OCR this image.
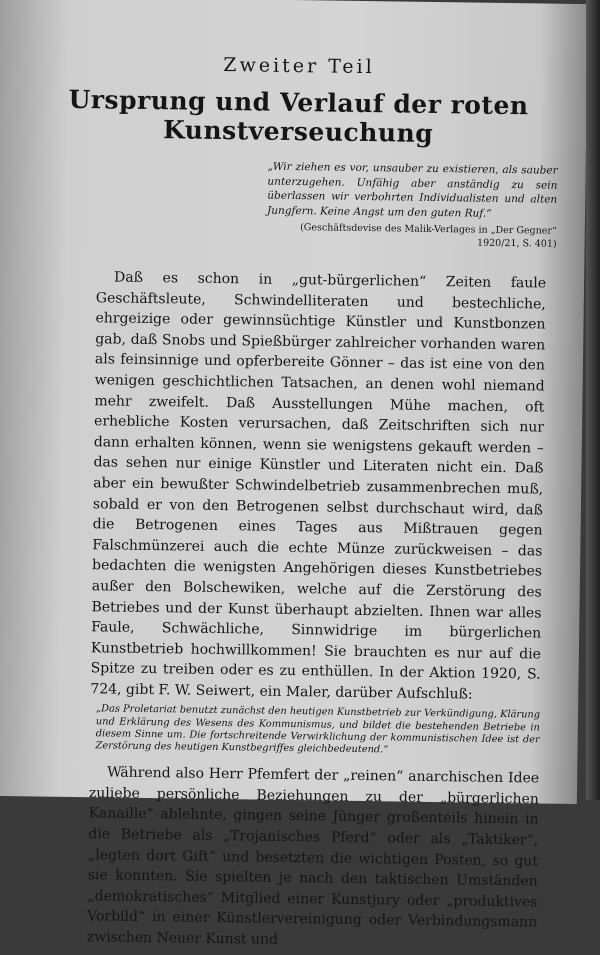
Zweiter Teil
Ursprung und Verlauf der roten Kunstverseuchung

„Wir ziehen es vor, unsauber zu existieren, als sauber unterzugehen. Unfähig aber anständig zu sein überlassen wir verbohrten Individualisten und alten Jungfern. Keine Angst um den guten Ruf.“

(Geschäftsdevise des Malik-Verlages in „Der Gegner“
1920/21, S. 401)

Daß es schon in „gut-bürgerlichen“ Zeiten faule Geschäftsleute, Schwindelliteraten und bestechliche, ehrgeizige oder gewinnsüchtige Künstler und Kunstbonzen gab, daß Snobs und Spießbürger zahlreicher vorhanden waren als feinsinnige und opferbereite Gönner – das ist eine von den wenigen geschichtlichen Tatsachen, an denen wohl niemand mehr zweifelt. Daß Ausstellungen Mühe machen, oft erhebliche Kosten verursachen, daß Zeitschriften sich nur dann erhalten können, wenn sie wenigstens gekauft werden – das sehen nur einige Künstler und Literaten nicht ein. Daß aber ein bewußter Schwindelbetrieb zusammenbrechen muß, sobald er von den Betrogenen selbst durchschaut wird, daß die Betrogenen eines Tages aus Mißtrauen gegen Falschmünzerei auch die echte Münze zurückweisen – das bedachten die wenigsten Angehörigen dieses Kunstbetriebes außer den Bolschewiken, welche auf die Zerstörung des Betriebes und der Kunst überhaupt abzielten. Ihnen war alles Faule, Schwächliche, Sinnwidrige im bürgerlichen Kunstbetrieb hochwillkommen! Sie brauchten es nur auf die Spitze zu treiben oder es zu enthüllen. In der Aktion 1920, S. 724, gibt F. W. Seiwert, ein Maler, darüber Aufschluß:

„Das Proletariat benutzt zunächst den heutigen Kunstbetrieb zur Verkündigung, Klärung und Erklärung des Wesens des Kommunismus, und bildet die bestehenden Betriebe in diesem Sinne um. Die fortschreitende Verwirklichung der kommunistischen Idee ist der Zerstörung des heutigen Kunstbegriffes gleichbedeutend.“

Während also Herr Pfemfert der „reinen“ anarchischen Idee zuliebe persönliche Beziehungen zu der „bürgerlichen Kanaille“ ablehnte, gingen seine Jünger großenteils hinein in die Betriebe als „Trojanisches Pferd“ oder als „Taktiker“, „legten dort Gift“ und besetzten die wichtigen Posten, so gut sie konnten. Sie spielten je nach den taktischen Umständen „demokratisches“ Mitglied einer Kunstjury oder „produktives Vorbild“ in einer Künstlervereinigung oder Verbindungsmann zwischen Neuer Kunst und
